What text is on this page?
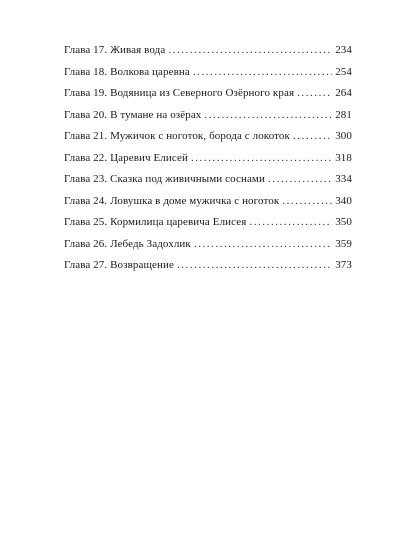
Глава 17. Живая вода . . .	234
Глава 18. Волкова царевна . . .	254
Глава 19. Водяница из Северного Озёрного края . . .	264
Глава 20. В тумане на озёрах . . .	281
Глава 21. Мужичок с ноготок, борода с локоток . . .	300
Глава 22. Царевич Елисей . . .	318
Глава 23. Сказка под живичными соснами . . .	334
Глава 24. Ловушка в доме мужичка с ноготок . . .	340
Глава 25. Кормилица царевича Елисея . . .	350
Глава 26. Лебедь Задохлик . . .	359
Глава 27. Возвращение . . .	373
